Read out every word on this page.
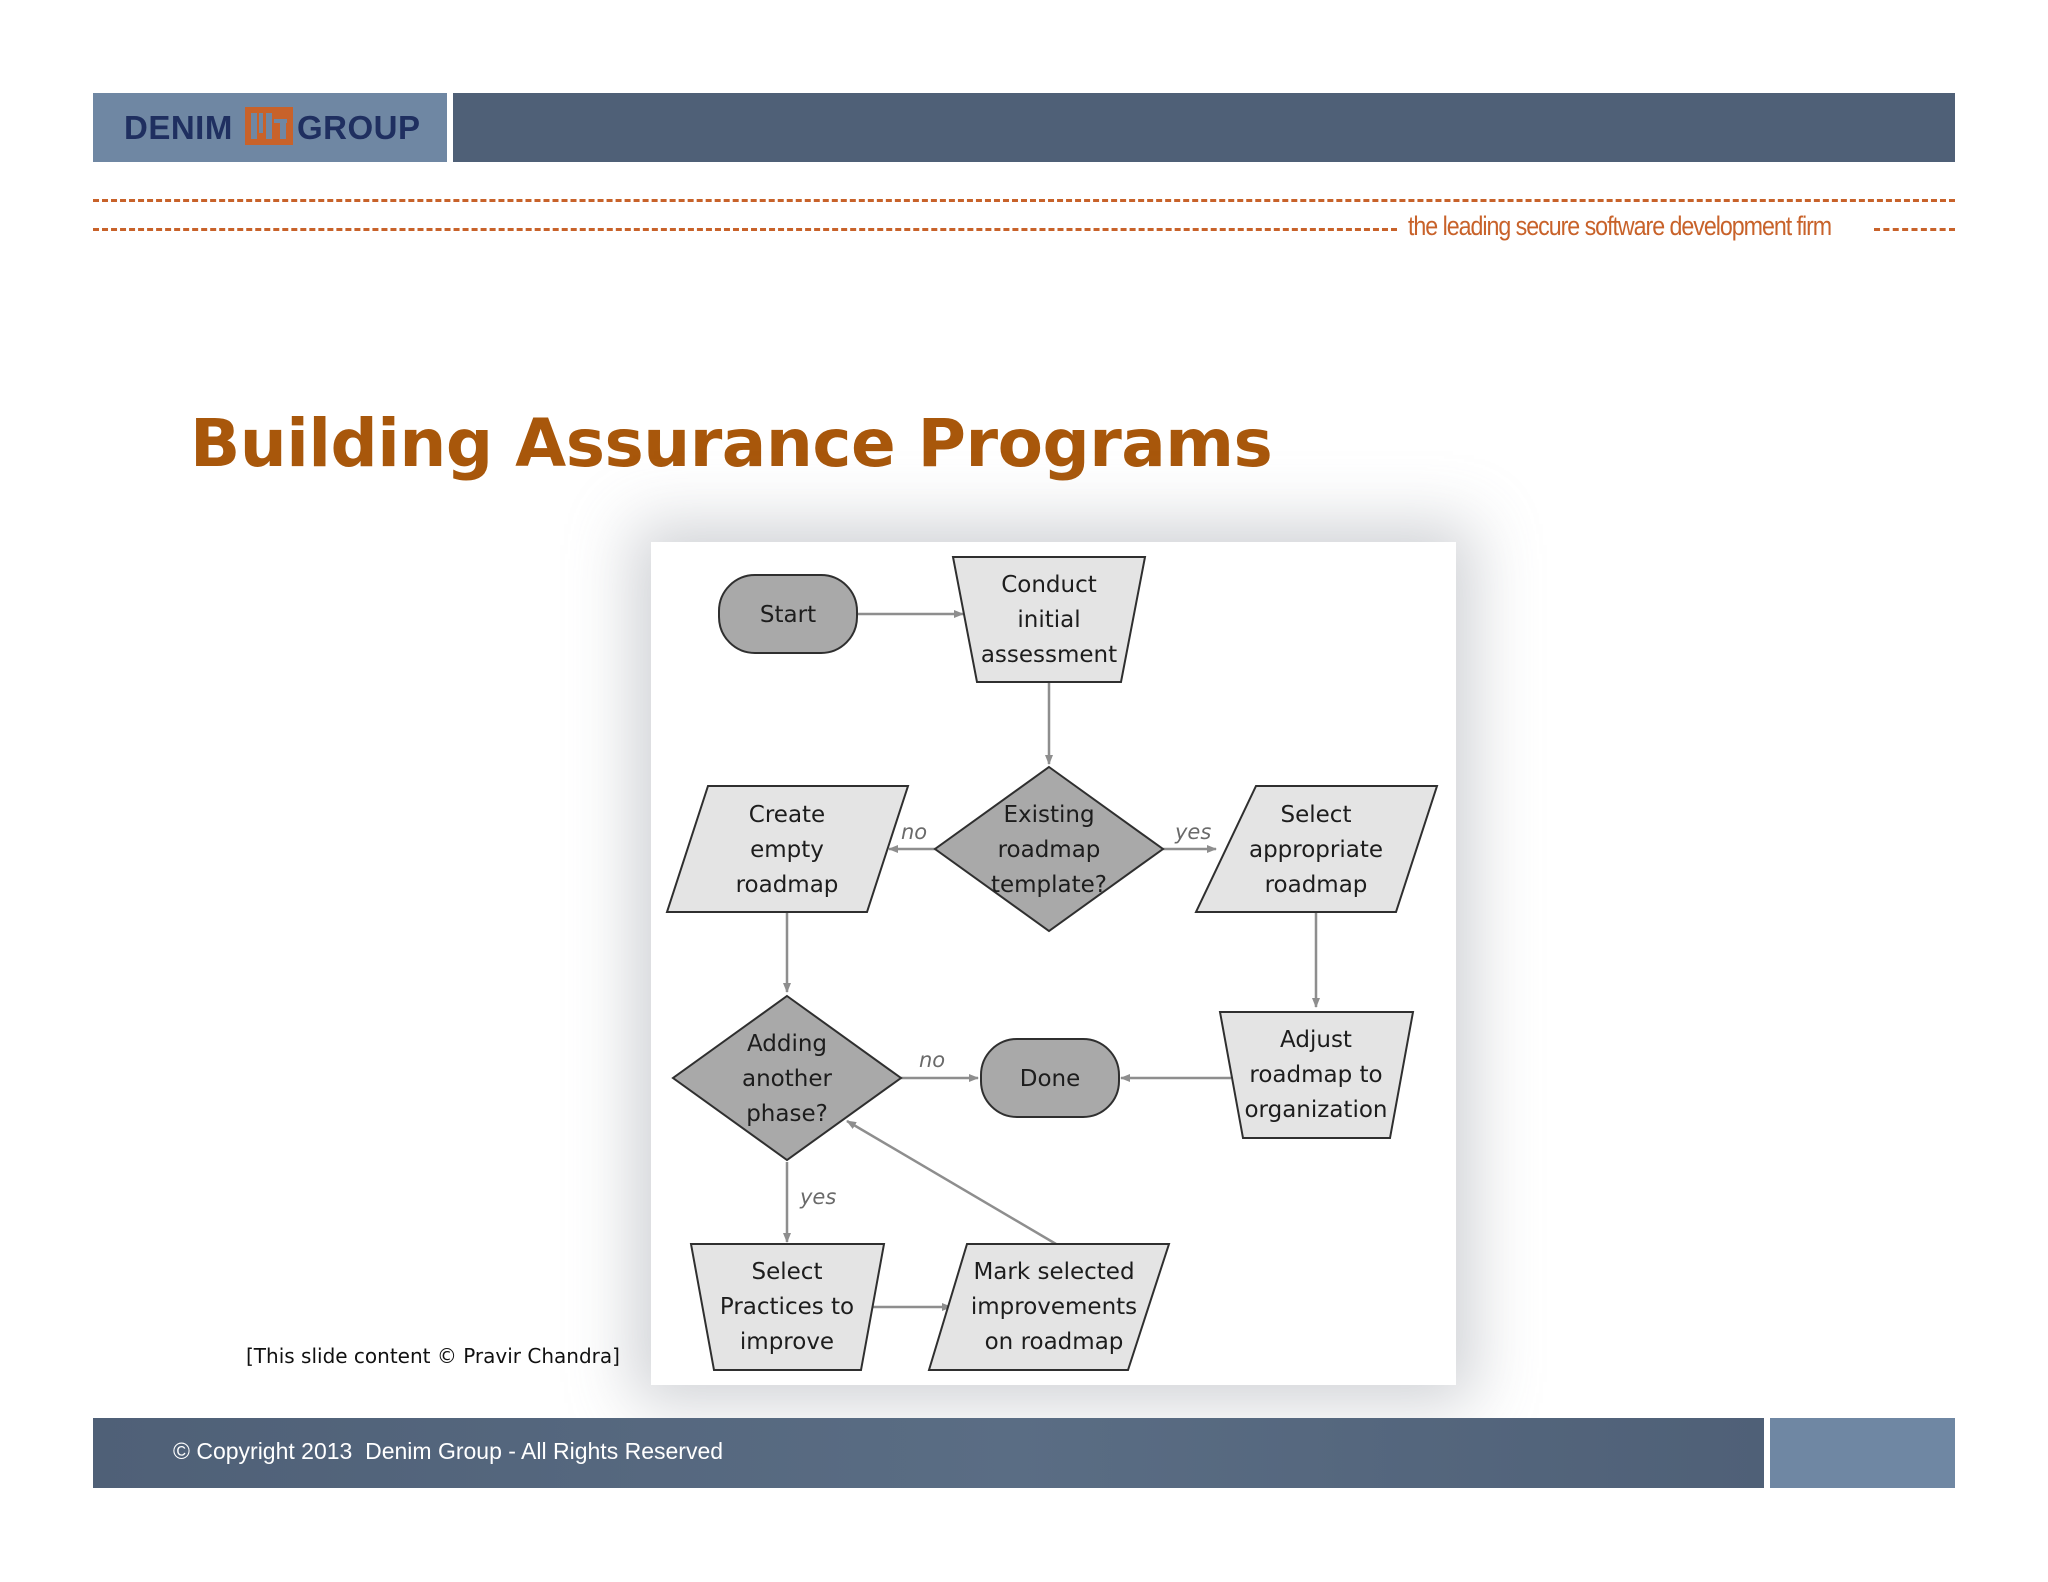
DENIM GROUP
the leading secure software development firm
Building Assurance Programs
Start
Conduct
initial
assessment
Existing
roadmap
template?
Create
empty
roadmap
Select
appropriate
roadmap
Adding
another
phase?
Done
Adjust
roadmap to
organization
Select
Practices to
improve
Mark selected
improvements
on roadmap
no	yes
no
yes
[This slide content © Pravir Chandra]
© Copyright 2013  Denim Group - All Rights Reserved
